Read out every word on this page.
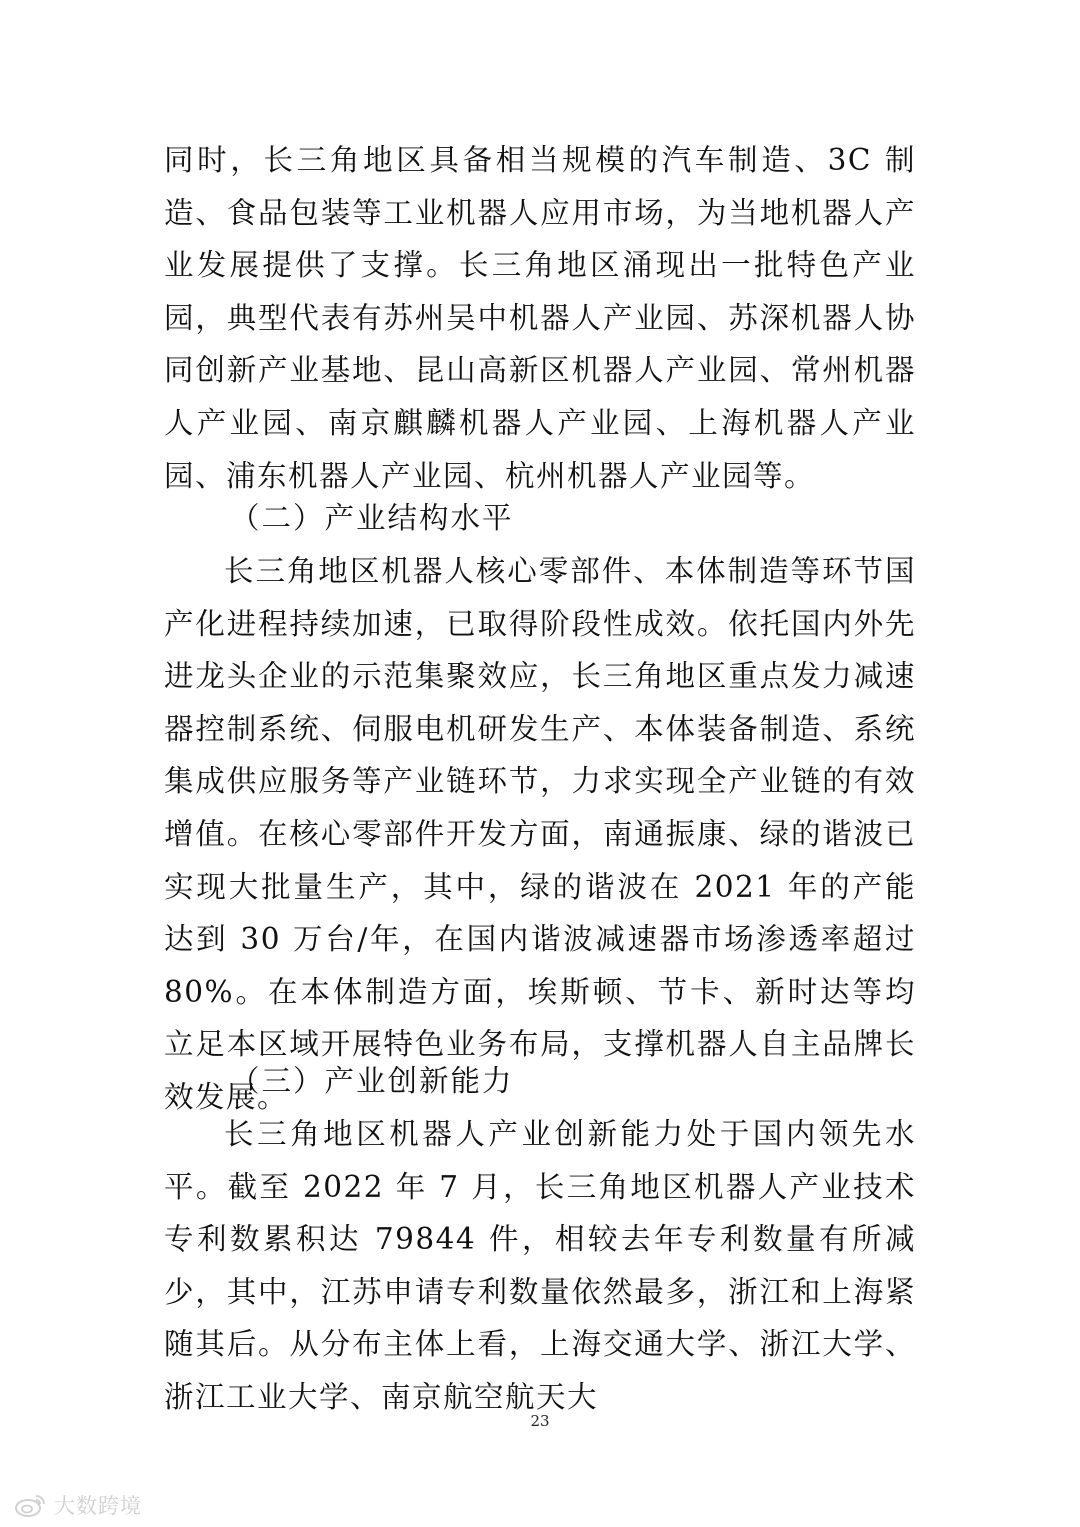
同时，长三角地区具备相当规模的汽车制造、3C 制造、食品包装等工业机器人应用市场，为当地机器人产业发展提供了支撑。长三角地区涌现出一批特色产业园，典型代表有苏州吴中机器人产业园、苏深机器人协同创新产业基地、昆山高新区机器人产业园、常州机器人产业园、南京麒麟机器人产业园、上海机器人产业园、浦东机器人产业园、杭州机器人产业园等。

（二）产业结构水平

长三角地区机器人核心零部件、本体制造等环节国产化进程持续加速，已取得阶段性成效。依托国内外先进龙头企业的示范集聚效应，长三角地区重点发力减速器控制系统、伺服电机研发生产、本体装备制造、系统集成供应服务等产业链环节，力求实现全产业链的有效增值。在核心零部件开发方面，南通振康、绿的谐波已实现大批量生产，其中，绿的谐波在 2021 年的产能达到 30 万台/年，在国内谐波减速器市场渗透率超过 80%。在本体制造方面，埃斯顿、节卡、新时达等均立足本区域开展特色业务布局，支撑机器人自主品牌长效发展。

（三）产业创新能力

长三角地区机器人产业创新能力处于国内领先水平。截至 2022 年 7 月，长三角地区机器人产业技术专利数累积达 79844 件，相较去年专利数量有所减少，其中，江苏申请专利数量依然最多，浙江和上海紧随其后。从分布主体上看，上海交通大学、浙江大学、浙江工业大学、南京航空航天大

23
大数跨境
